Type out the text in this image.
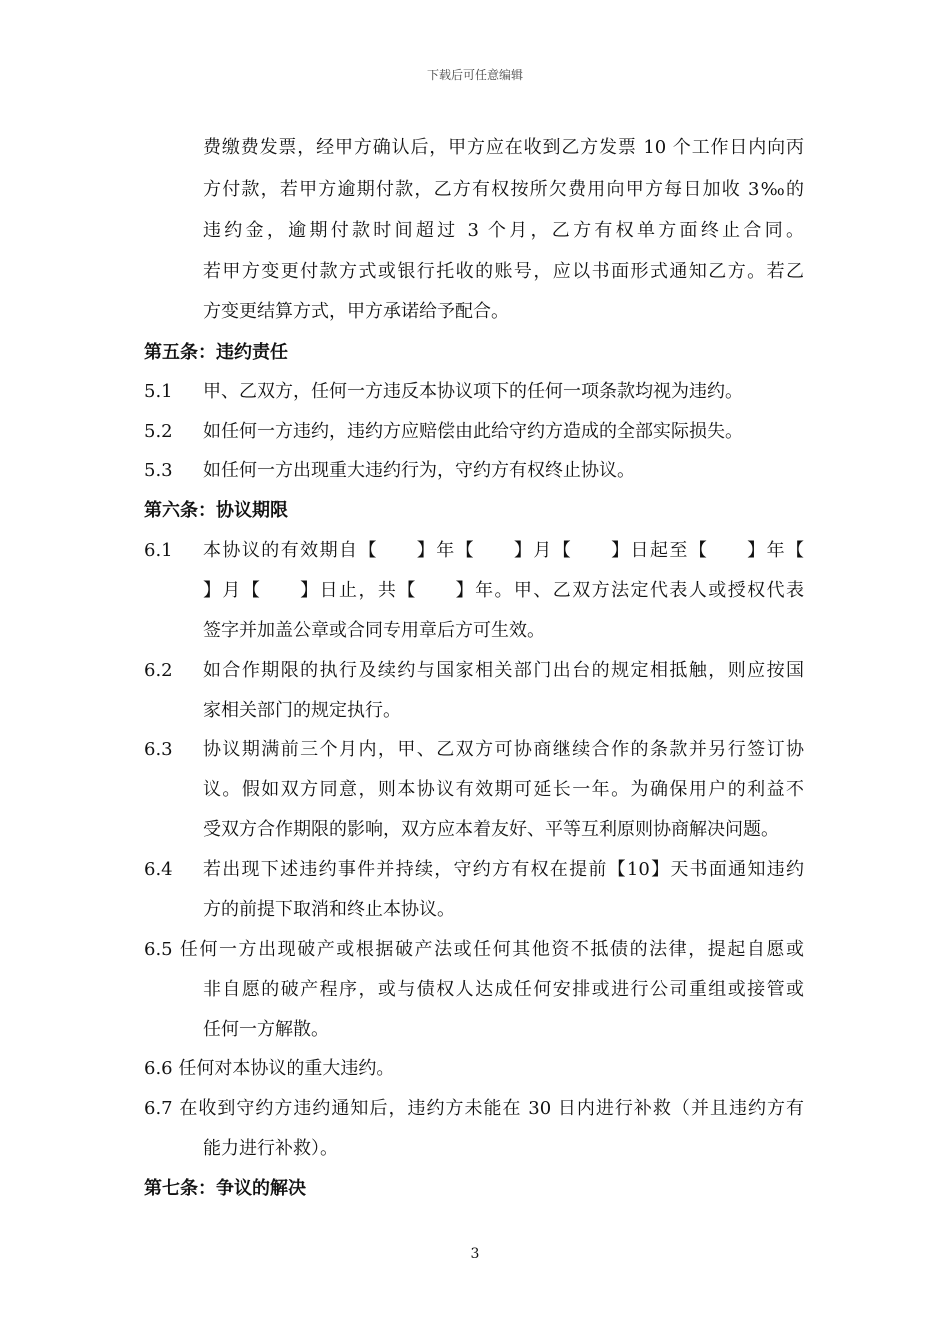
下载后可任意编辑
费缴费发票，经甲方确认后，甲方应在收到乙方发票 10 个工作日内向丙
方付款，若甲方逾期付款，乙方有权按所欠费用向甲方每日加收 3‰的
违约金，逾期付款时间超过 3 个月，乙方有权单方面终止合同。
若甲方变更付款方式或银行托收的账号，应以书面形式通知乙方。若乙
方变更结算方式，甲方承诺给予配合。
第五条：违约责任
5.1 甲、乙双方，任何一方违反本协议项下的任何一项条款均视为违约。
5.2 如任何一方违约，违约方应赔偿由此给守约方造成的全部实际损失。
5.3 如任何一方出现重大违约行为，守约方有权终止协议。
第六条：协议期限
6.1 本协议的有效期自【　　】年【　　】月【　　】日起至【　　】年【
】月【　　】日止，共【　　】年。甲、乙双方法定代表人或授权代表
签字并加盖公章或合同专用章后方可生效。
6.2 如合作期限的执行及续约与国家相关部门出台的规定相抵触，则应按国
家相关部门的规定执行。
6.3 协议期满前三个月内，甲、乙双方可协商继续合作的条款并另行签订协
议。假如双方同意，则本协议有效期可延长一年。为确保用户的利益不
受双方合作期限的影响，双方应本着友好、平等互利原则协商解决问题。
6.4 若出现下述违约事件并持续，守约方有权在提前【10】天书面通知违约
方的前提下取消和终止本协议。
6.5 任何一方出现破产或根据破产法或任何其他资不抵债的法律，提起自愿或
非自愿的破产程序，或与债权人达成任何安排或进行公司重组或接管或
任何一方解散。
6.6 任何对本协议的重大违约。
6.7 在收到守约方违约通知后，违约方未能在 30 日内进行补救（并且违约方有
能力进行补救）。
第七条：争议的解决
3
